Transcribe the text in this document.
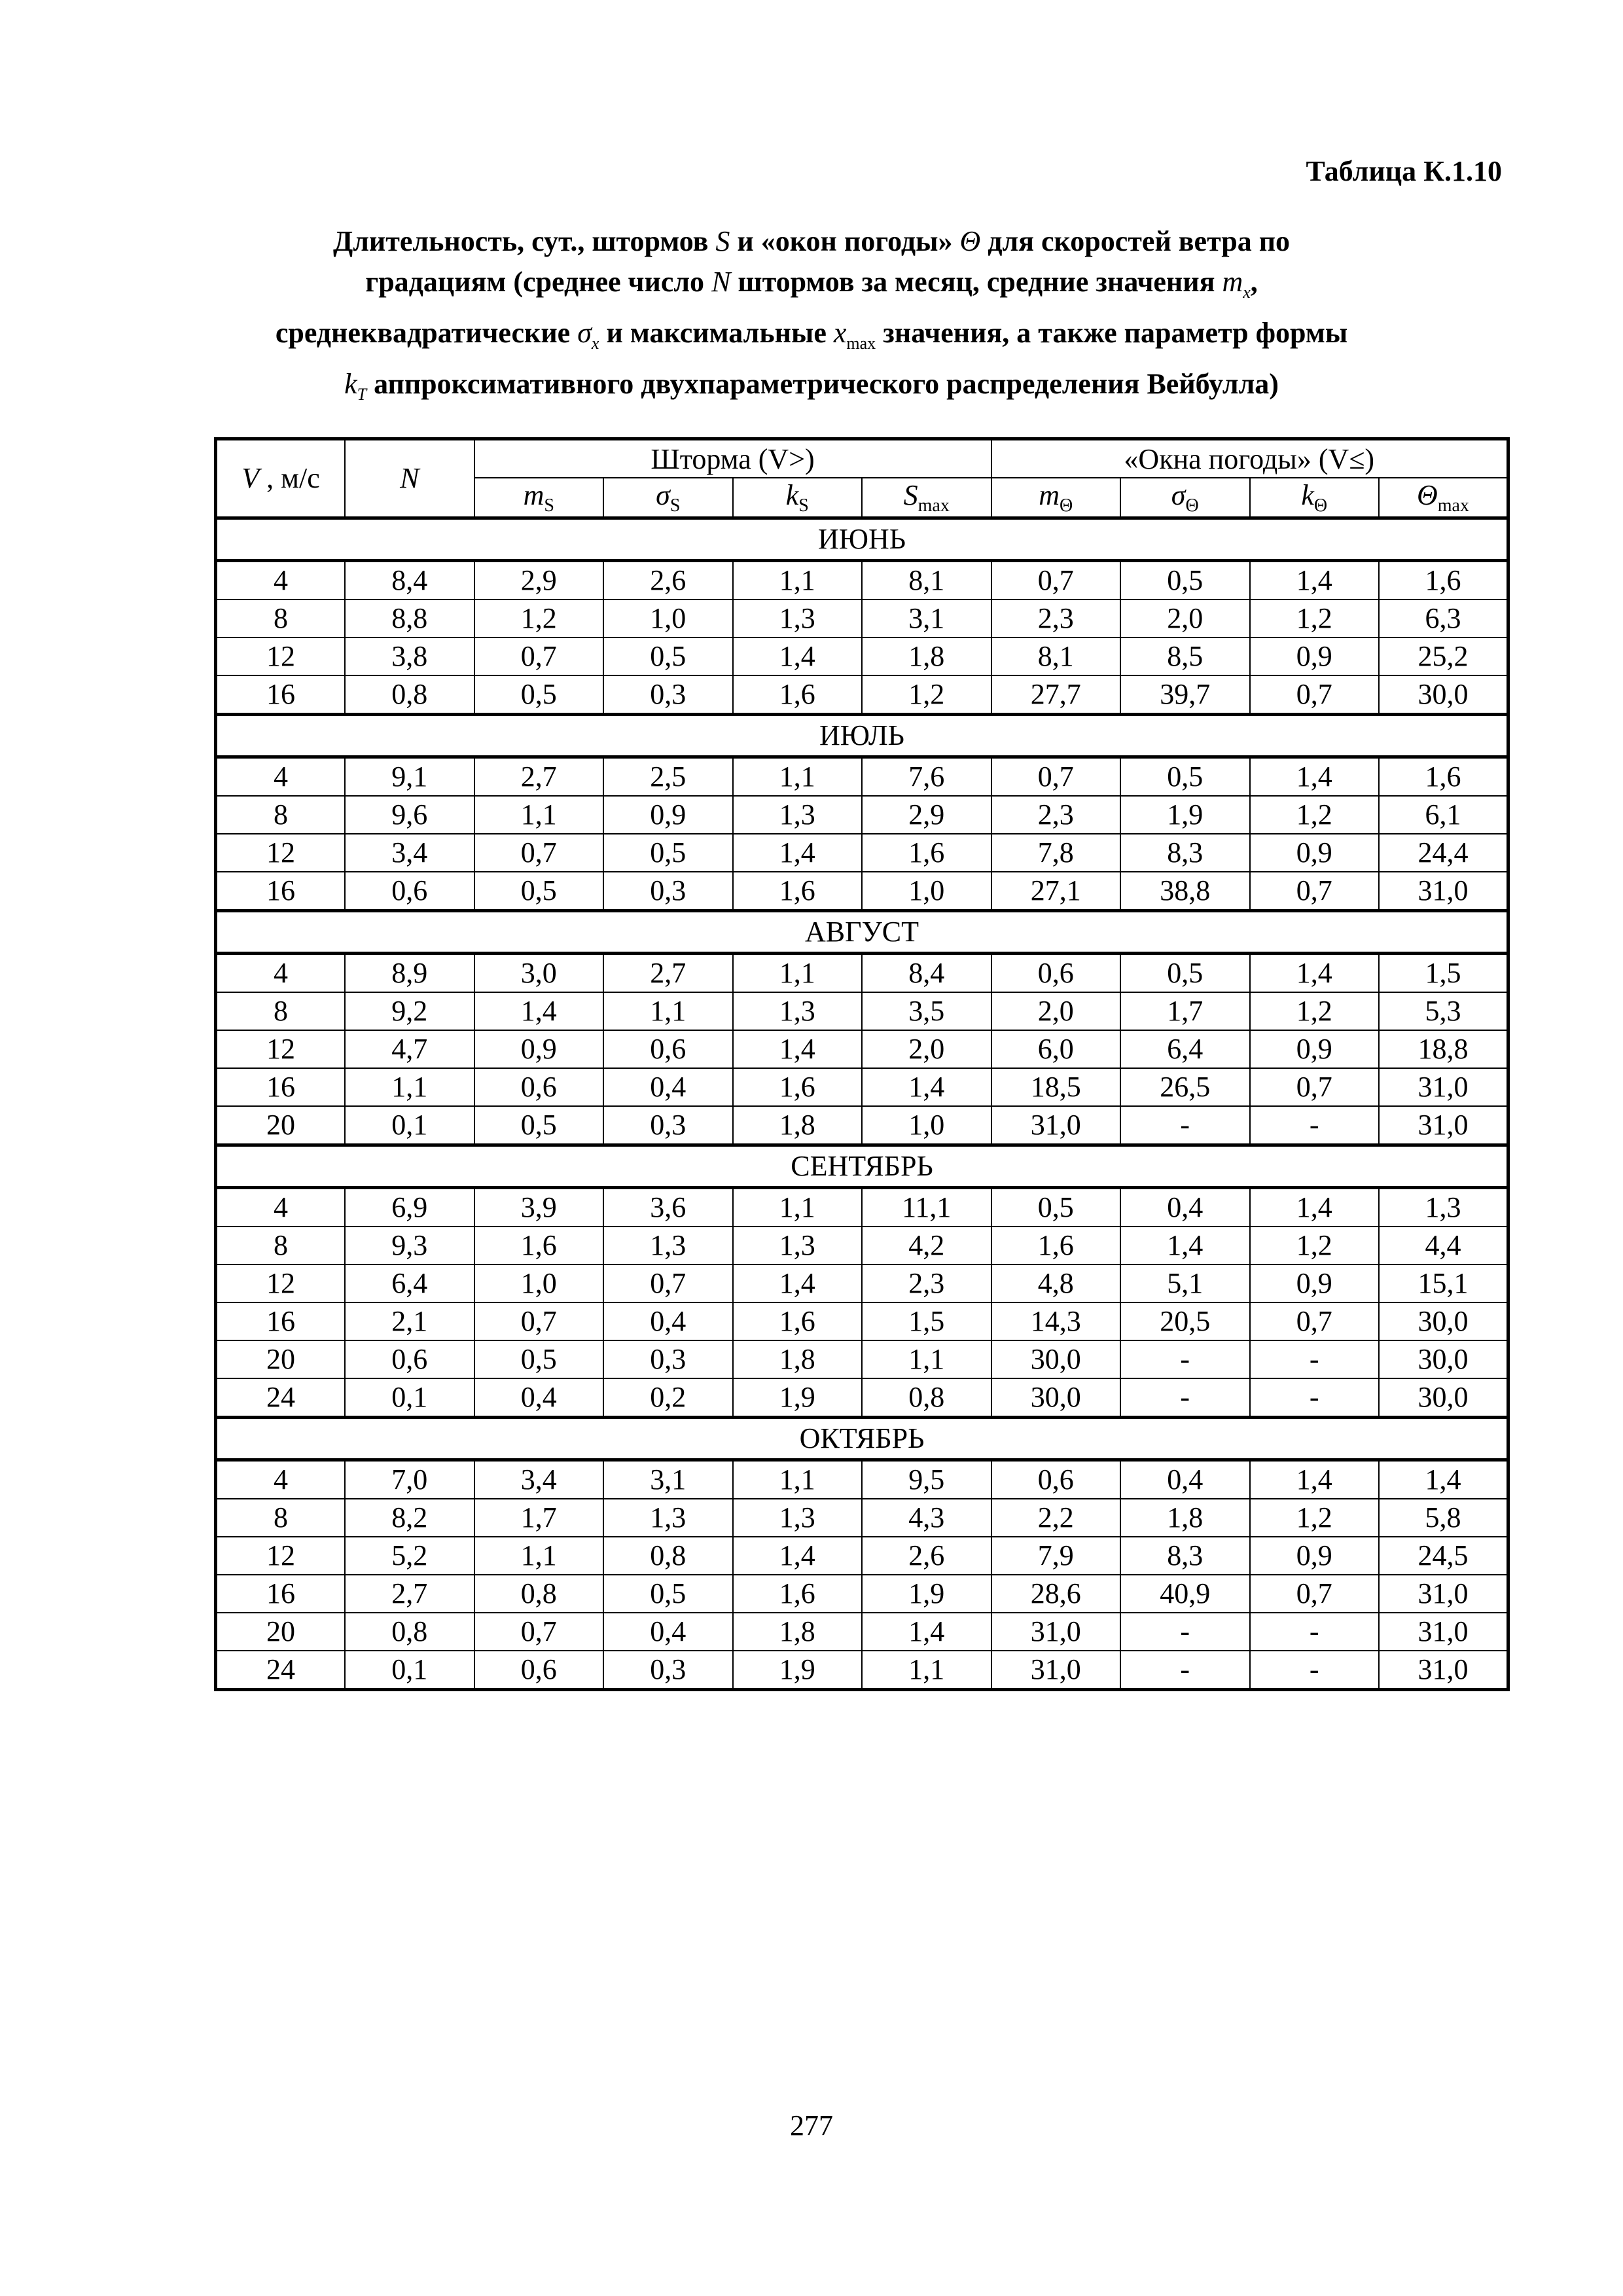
Таблица К.1.10
Длительность, сут., штормов S и «окон погоды» Θ для скоростей ветра по
градациям (среднее число N штормов за месяц, средние значения $m_x$,
среднеквадратические $\sigma_x$ и максимальные $x_{max}$ значения, а также параметр формы
$k_T$ аппроксимативного двухпараметрического распределения Вейбулла)
V , м/с	N	Шторма (V>)				«Окна погоды» (V≤)			
		$m_S$	$\sigma_S$	$k_S$	$S_{max}$	$m_\Theta$	$\sigma_\Theta$	$k_\Theta$	$\Theta_{max}$
ИЮНЬ									
4	8,4	2,9	2,6	1,1	8,1	0,7	0,5	1,4	1,6
8	8,8	1,2	1,0	1,3	3,1	2,3	2,0	1,2	6,3
12	3,8	0,7	0,5	1,4	1,8	8,1	8,5	0,9	25,2
16	0,8	0,5	0,3	1,6	1,2	27,7	39,7	0,7	30,0
ИЮЛЬ									
4	9,1	2,7	2,5	1,1	7,6	0,7	0,5	1,4	1,6
8	9,6	1,1	0,9	1,3	2,9	2,3	1,9	1,2	6,1
12	3,4	0,7	0,5	1,4	1,6	7,8	8,3	0,9	24,4
16	0,6	0,5	0,3	1,6	1,0	27,1	38,8	0,7	31,0
АВГУСТ									
4	8,9	3,0	2,7	1,1	8,4	0,6	0,5	1,4	1,5
8	9,2	1,4	1,1	1,3	3,5	2,0	1,7	1,2	5,3
12	4,7	0,9	0,6	1,4	2,0	6,0	6,4	0,9	18,8
16	1,1	0,6	0,4	1,6	1,4	18,5	26,5	0,7	31,0
20	0,1	0,5	0,3	1,8	1,0	31,0	-	-	31,0
СЕНТЯБРЬ									
4	6,9	3,9	3,6	1,1	11,1	0,5	0,4	1,4	1,3
8	9,3	1,6	1,3	1,3	4,2	1,6	1,4	1,2	4,4
12	6,4	1,0	0,7	1,4	2,3	4,8	5,1	0,9	15,1
16	2,1	0,7	0,4	1,6	1,5	14,3	20,5	0,7	30,0
20	0,6	0,5	0,3	1,8	1,1	30,0	-	-	30,0
24	0,1	0,4	0,2	1,9	0,8	30,0	-	-	30,0
ОКТЯБРЬ									
4	7,0	3,4	3,1	1,1	9,5	0,6	0,4	1,4	1,4
8	8,2	1,7	1,3	1,3	4,3	2,2	1,8	1,2	5,8
12	5,2	1,1	0,8	1,4	2,6	7,9	8,3	0,9	24,5
16	2,7	0,8	0,5	1,6	1,9	28,6	40,9	0,7	31,0
20	0,8	0,7	0,4	1,8	1,4	31,0	-	-	31,0
24	0,1	0,6	0,3	1,9	1,1	31,0	-	-	31,0
277
